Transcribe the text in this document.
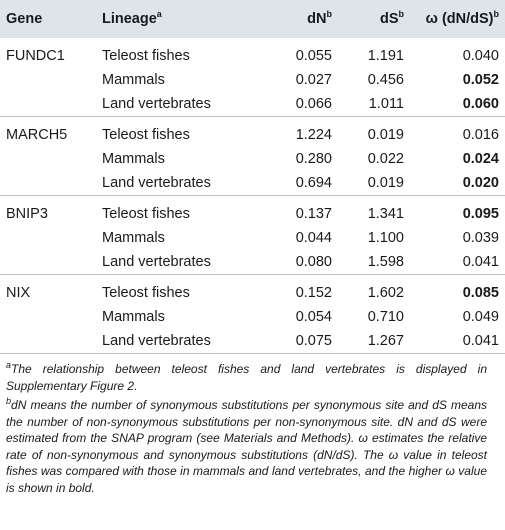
Gene	Lineage$^a$	$dN^b$	$dS^b$	ω $(dN/dS)^b$
FUNDC1	Teleost fishes	0.055	1.191	0.040
	Mammals	0.027	0.456	0.052
	Land vertebrates	0.066	1.011	0.060
MARCH5	Teleost fishes	1.224	0.019	0.016
	Mammals	0.280	0.022	0.024
	Land vertebrates	0.694	0.019	0.020
BNIP3	Teleost fishes	0.137	1.341	0.095
	Mammals	0.044	1.100	0.039
	Land vertebrates	0.080	1.598	0.041
NIX	Teleost fishes	0.152	1.602	0.085
	Mammals	0.054	0.710	0.049
	Land vertebrates	0.075	1.267	0.041

$^a$The relationship between teleost fishes and land vertebrates is displayed in Supplementary Figure 2.

$^b$dN means the number of synonymous substitutions per synonymous site and dS means the number of non-synonymous substitutions per non-synonymous site. dN and dS were estimated from the SNAP program (see Materials and Methods). ω estimates the relative rate of non-synonymous and synonymous substitutions (dN/dS). The ω value in teleost fishes was compared with those in mammals and land vertebrates, and the higher ω value is shown in bold.
